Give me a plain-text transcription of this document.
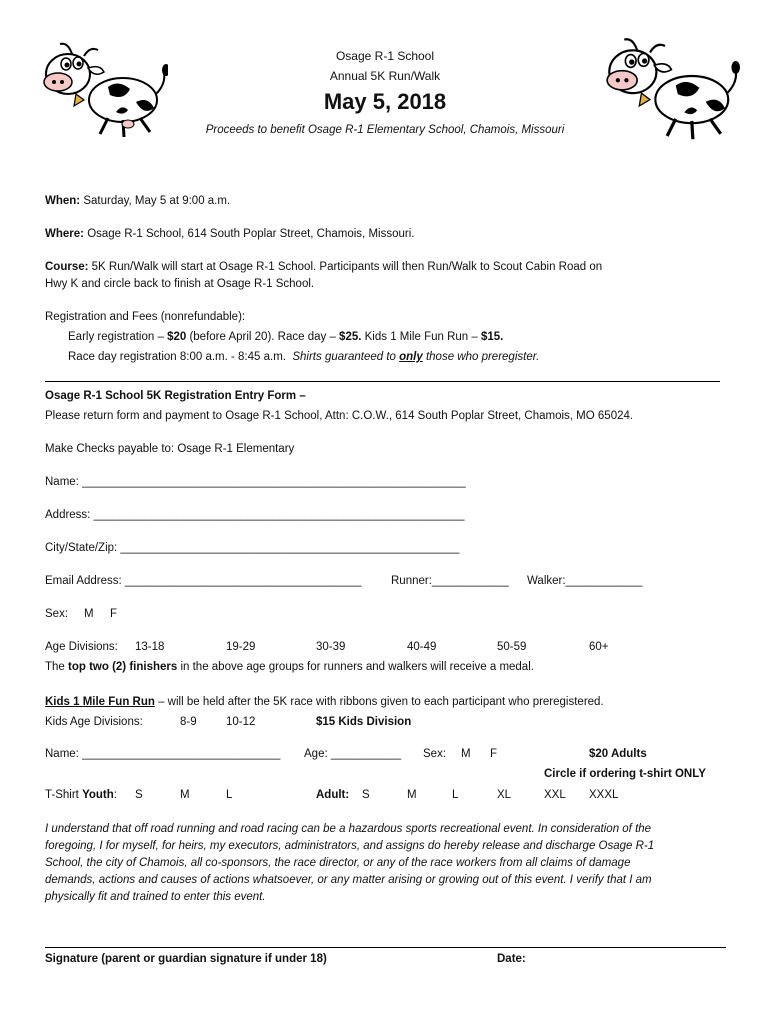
Osage R-1 School
Annual 5K Run/Walk
May 5, 2018
Proceeds to benefit Osage R-1 Elementary School, Chamois, Missouri
When: Saturday, May 5 at 9:00 a.m.
Where: Osage R-1 School, 614 South Poplar Street, Chamois, Missouri.
Course: 5K Run/Walk will start at Osage R-1 School. Participants will then Run/Walk to Scout Cabin Road on
Hwy K and circle back to finish at Osage R-1 School.
Registration and Fees (nonrefundable):
Early registration – $20 (before April 20). Race day – $25. Kids 1 Mile Fun Run – $15.
Race day registration 8:00 a.m. - 8:45 a.m. Shirts guaranteed to only those who preregister.
Osage R-1 School 5K Registration Entry Form –
Please return form and payment to Osage R-1 School, Attn: C.O.W., 614 South Poplar Street, Chamois, MO 65024.
Make Checks payable to: Osage R-1 Elementary
Name: ____________________________________________________________
Address: __________________________________________________________
City/State/Zip: _____________________________________________________
Email Address: _____________________________________	Runner:____________ Walker:____________
Sex: M F
Age Divisions: 13-18	19-29	30-39	40-49	50-59	60+
The top two (2) finishers in the above age groups for runners and walkers will receive a medal.
Kids 1 Mile Fun Run – will be held after the 5K race with ribbons given to each participant who preregistered.
Kids Age Divisions:	8-9	10-12	$15 Kids Division
Name: _______________________________ Age: ___________ Sex: M F	$20 Adults
Circle if ordering t-shirt ONLY
T-Shirt Youth: S	M	L	Adult: S	M	L	XL	XXL XXXL
I understand that off road running and road racing can be a hazardous sports recreational event. In consideration of the
foregoing, I for myself, for heirs, my executors, administrators, and assigns do hereby release and discharge Osage R-1
School, the city of Chamois, all co-sponsors, the race director, or any of the race workers from all claims of damage
demands, actions and causes of actions whatsoever, or any matter arising or growing out of this event. I verify that I am
physically fit and trained to enter this event.
Signature (parent or guardian signature if under 18)	Date:
